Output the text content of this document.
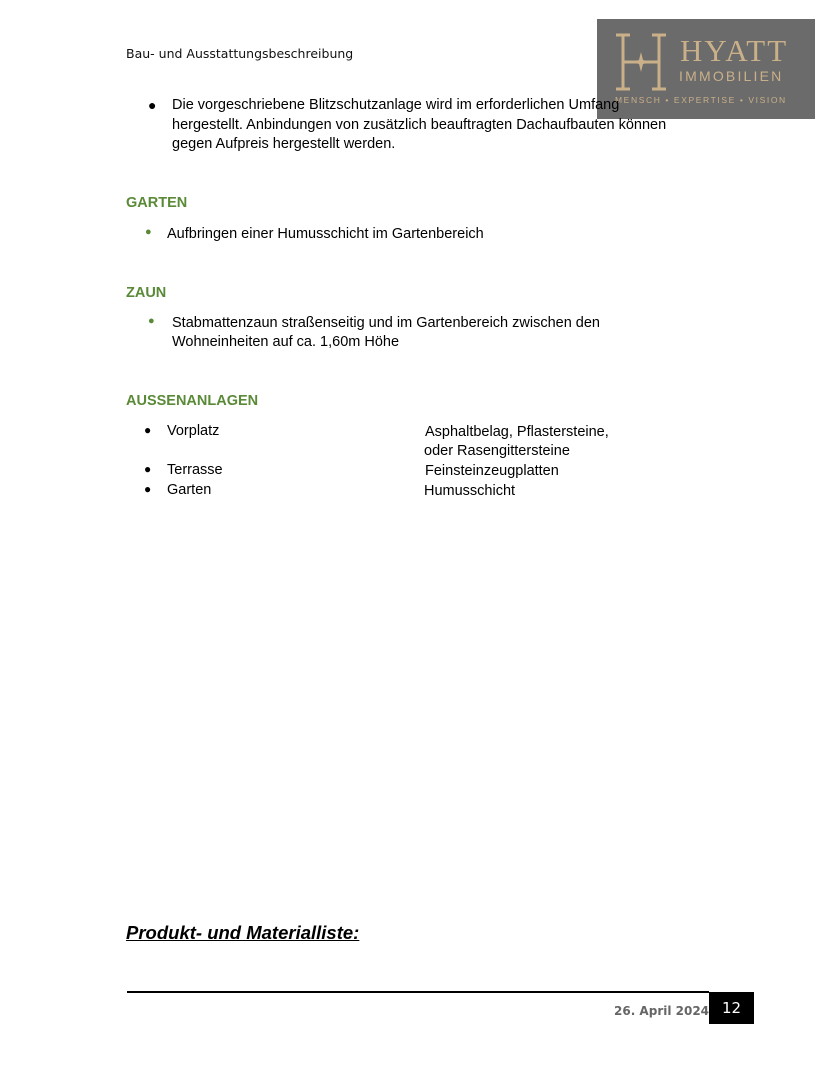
Bau- und Ausstattungsbeschreibung	HYATT
IMMOBILIEN
MENSCH • EXPERTISE • VISION
● Die vorgeschriebene Blitzschutzanlage wird im erforderlichen Umfang
hergestellt. Anbindungen von zusätzlich beauftragten Dachaufbauten können
gegen Aufpreis hergestellt werden.
GARTEN
● Aufbringen einer Humusschicht im Gartenbereich
ZAUN
● Stabmattenzaun straßenseitig und im Gartenbereich zwischen den
Wohneinheiten auf ca. 1,60m Höhe
AUSSENANLAGEN
● Vorplatz	Asphaltbelag, Pflastersteine,
oder Rasengittersteine
● Terrasse	Feinsteinzeugplatten
● Garten	Humusschicht
Produkt- und Materialliste:
26. April 2024 12
